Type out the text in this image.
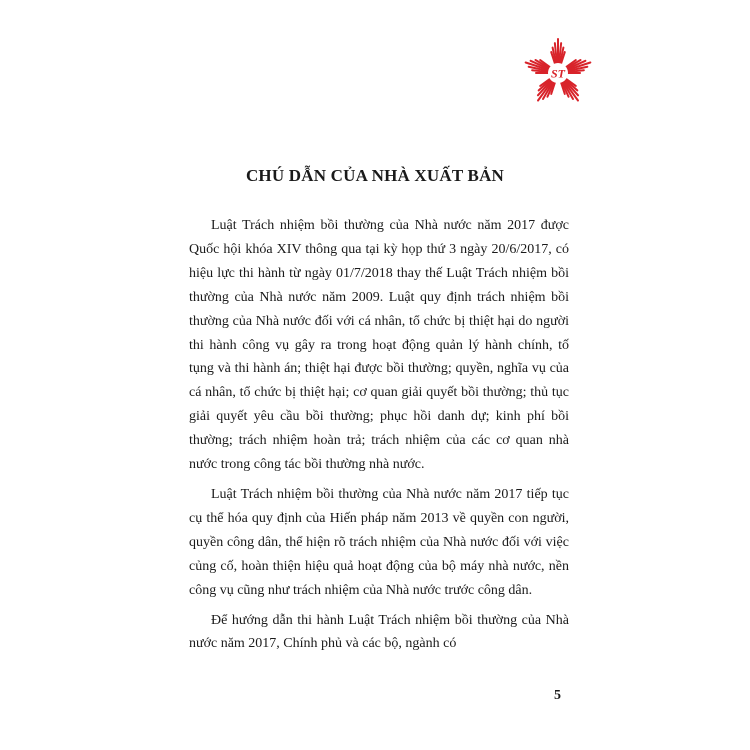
ST
CHÚ DẪN CỦA NHÀ XUẤT BẢN

Luật Trách nhiệm bồi thường của Nhà nước năm 2017 được Quốc hội khóa XIV thông qua tại kỳ họp thứ 3 ngày 20/6/2017, có hiệu lực thi hành từ ngày 01/7/2018 thay thế Luật Trách nhiệm bồi thường của Nhà nước năm 2009. Luật quy định trách nhiệm bồi thường của Nhà nước đối với cá nhân, tổ chức bị thiệt hại do người thi hành công vụ gây ra trong hoạt động quản lý hành chính, tố tụng và thi hành án; thiệt hại được bồi thường; quyền, nghĩa vụ của cá nhân, tổ chức bị thiệt hại; cơ quan giải quyết bồi thường; thủ tục giải quyết yêu cầu bồi thường; phục hồi danh dự; kinh phí bồi thường; trách nhiệm hoàn trả; trách nhiệm của các cơ quan nhà nước trong công tác bồi thường nhà nước.

Luật Trách nhiệm bồi thường của Nhà nước năm 2017 tiếp tục cụ thể hóa quy định của Hiến pháp năm 2013 về quyền con người, quyền công dân, thể hiện rõ trách nhiệm của Nhà nước đối với việc củng cố, hoàn thiện hiệu quả hoạt động của bộ máy nhà nước, nền công vụ cũng như trách nhiệm của Nhà nước trước công dân.

Để hướng dẫn thi hành Luật Trách nhiệm bồi thường của Nhà nước năm 2017, Chính phủ và các bộ, ngành có

5
